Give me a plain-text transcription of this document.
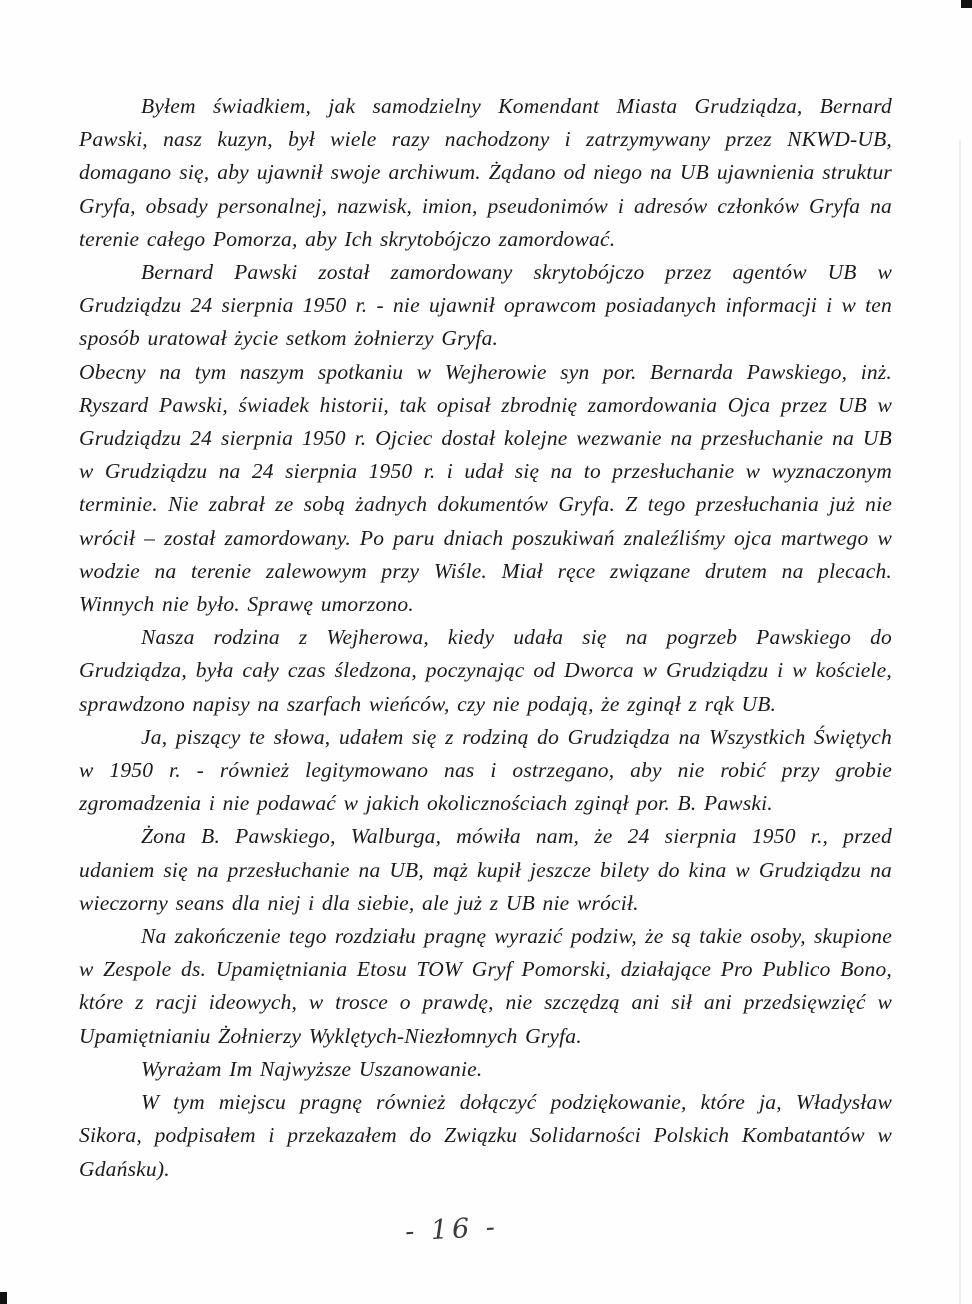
Byłem świadkiem, jak samodzielny Komendant Miasta Grudziądza, Bernard Pawski, nasz kuzyn, był wiele razy nachodzony i zatrzymywany przez NKWD-UB, domagano się, aby ujawnił swoje archiwum. Żądano od niego na UB ujawnienia struktur Gryfa, obsady personalnej, nazwisk, imion, pseudonimów i adresów członków Gryfa na terenie całego Pomorza, aby Ich skrytobójczo zamordować.

Bernard Pawski został zamordowany skrytobójczo przez agentów UB w Grudziądzu 24 sierpnia 1950 r. - nie ujawnił oprawcom posiadanych informacji i w ten sposób uratował życie setkom żołnierzy Gryfa.

Obecny na tym naszym spotkaniu w Wejherowie syn por. Bernarda Pawskiego, inż. Ryszard Pawski, świadek historii, tak opisał zbrodnię zamordowania Ojca przez UB w Grudziądzu 24 sierpnia 1950 r. Ojciec dostał kolejne wezwanie na przesłuchanie na UB w Grudziądzu na 24 sierpnia 1950 r. i udał się na to przesłuchanie w wyznaczonym terminie. Nie zabrał ze sobą żadnych dokumentów Gryfa. Z tego przesłuchania już nie wrócił – został zamordowany. Po paru dniach poszukiwań znaleźliśmy ojca martwego w wodzie na terenie zalewowym przy Wiśle. Miał ręce związane drutem na plecach. Winnych nie było. Sprawę umorzono.

Nasza rodzina z Wejherowa, kiedy udała się na pogrzeb Pawskiego do Grudziądza, była cały czas śledzona, poczynając od Dworca w Grudziądzu i w kościele, sprawdzono napisy na szarfach wieńców, czy nie podają, że zginął z rąk UB.

Ja, piszący te słowa, udałem się z rodziną do Grudziądza na Wszystkich Świętych w 1950 r. - również legitymowano nas i ostrzegano, aby nie robić przy grobie zgromadzenia i nie podawać w jakich okolicznościach zginął por. B. Pawski.

Żona B. Pawskiego, Walburga, mówiła nam, że 24 sierpnia 1950 r., przed udaniem się na przesłuchanie na UB, mąż kupił jeszcze bilety do kina w Grudziądzu na wieczorny seans dla niej i dla siebie, ale już z UB nie wrócił.

Na zakończenie tego rozdziału pragnę wyrazić podziw, że są takie osoby, skupione w Zespole ds. Upamiętniania Etosu TOW Gryf Pomorski, działające Pro Publico Bono, które z racji ideowych, w trosce o prawdę, nie szczędzą ani sił ani przedsięwzięć w Upamiętnianiu Żołnierzy Wyklętych-Niezłomnych Gryfa.

Wyrażam Im Najwyższe Uszanowanie.

W tym miejscu pragnę również dołączyć podziękowanie, które ja, Władysław Sikora, podpisałem i przekazałem do Związku Solidarności Polskich Kombatantów w Gdańsku).

- 16 -
